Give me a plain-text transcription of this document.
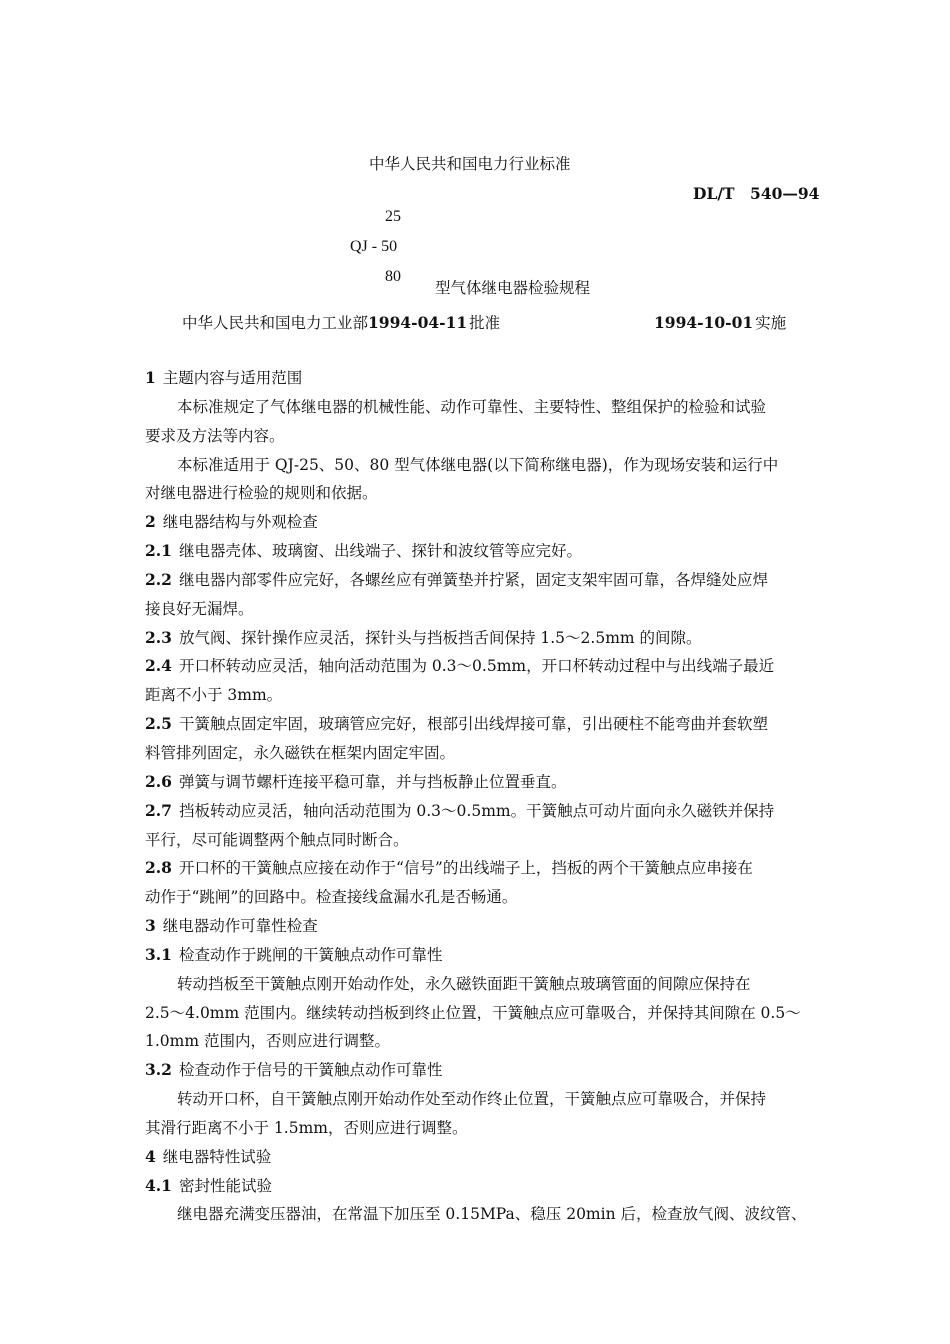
中华人民共和国电力行业标准
DL/T　540—94
25
QJ - 50
80
型气体继电器检验规程
中华人民共和国电力工业部1994-04-11 批准	1994-10-01 实施
1 主题内容与适用范围
本标准规定了气体继电器的机械性能、动作可靠性、主要特性、整组保护的检验和试验
要求及方法等内容。
本标准适用于 QJ-25、50、80 型气体继电器(以下简称继电器)，作为现场安装和运行中
对继电器进行检验的规则和依据。
2 继电器结构与外观检查
2.1 继电器壳体、玻璃窗、出线端子、探针和波纹管等应完好。
2.2 继电器内部零件应完好，各螺丝应有弹簧垫并拧紧，固定支架牢固可靠，各焊缝处应焊
接良好无漏焊。
2.3 放气阀、探针操作应灵活，探针头与挡板挡舌间保持 1.5～2.5mm 的间隙。
2.4 开口杯转动应灵活，轴向活动范围为 0.3～0.5mm，开口杯转动过程中与出线端子最近
距离不小于 3mm。
2.5 干簧触点固定牢固，玻璃管应完好，根部引出线焊接可靠，引出硬柱不能弯曲并套软塑
料管排列固定，永久磁铁在框架内固定牢固。
2.6 弹簧与调节螺杆连接平稳可靠，并与挡板静止位置垂直。
2.7 挡板转动应灵活，轴向活动范围为 0.3～0.5mm。干簧触点可动片面向永久磁铁并保持
平行，尽可能调整两个触点同时断合。
2.8 开口杯的干簧触点应接在动作于“信号”的出线端子上，挡板的两个干簧触点应串接在
动作于“跳闸”的回路中。检查接线盒漏水孔是否畅通。
3 继电器动作可靠性检查
3.1 检查动作于跳闸的干簧触点动作可靠性
转动挡板至干簧触点刚开始动作处，永久磁铁面距干簧触点玻璃管面的间隙应保持在
2.5～4.0mm 范围内。继续转动挡板到终止位置，干簧触点应可靠吸合，并保持其间隙在 0.5～
1.0mm 范围内，否则应进行调整。
3.2 检查动作于信号的干簧触点动作可靠性
转动开口杯，自干簧触点刚开始动作处至动作终止位置，干簧触点应可靠吸合，并保持
其滑行距离不小于 1.5mm，否则应进行调整。
4 继电器特性试验
4.1 密封性能试验
继电器充满变压器油，在常温下加压至 0.15MPa、稳压 20min 后，检查放气阀、波纹管、
